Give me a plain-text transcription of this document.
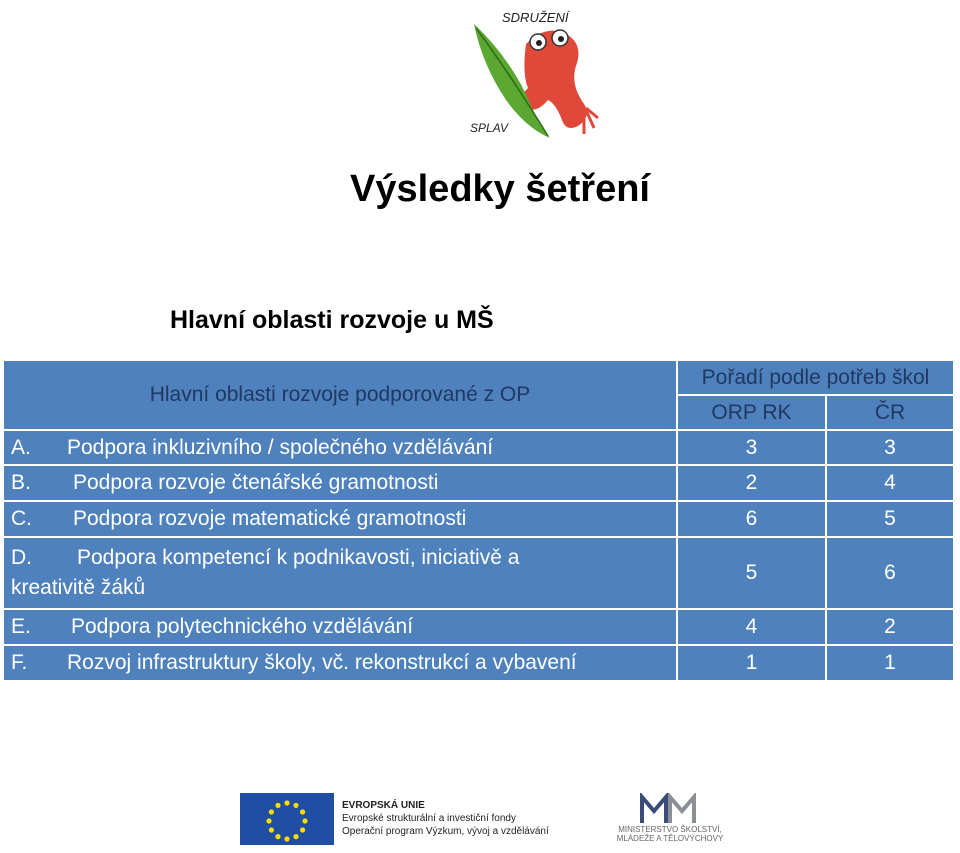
SDRUŽENÍ
SPLAV
Výsledky šetření
Hlavní oblasti rozvoje u MŠ
Hlavní oblasti rozvoje podporované z OP	Pořadí podle potřeb škol	
	ORP RK	ČR
A. Podpora inkluzivního / společného vzdělávání	3	3
B. Podpora rozvoje čtenářské gramotnosti	2	4
C. Podpora rozvoje matematické gramotnosti	6	5
D. Podpora kompetencí k podnikavosti, iniciativě a
kreativitě žáků	5	6
E. Podpora polytechnického vzdělávání	4	2
F. Rozvoj infrastruktury školy, vč. rekonstrukcí a vybavení	1	1
EVROPSKÁ UNIE
Evropské strukturální a investiční fondy
Operační program Výzkum, vývoj a vzdělávání	MINISTERSTVO ŠKOLSTVÍ,
MLÁDEŽE A TĚLOVÝCHOVY
